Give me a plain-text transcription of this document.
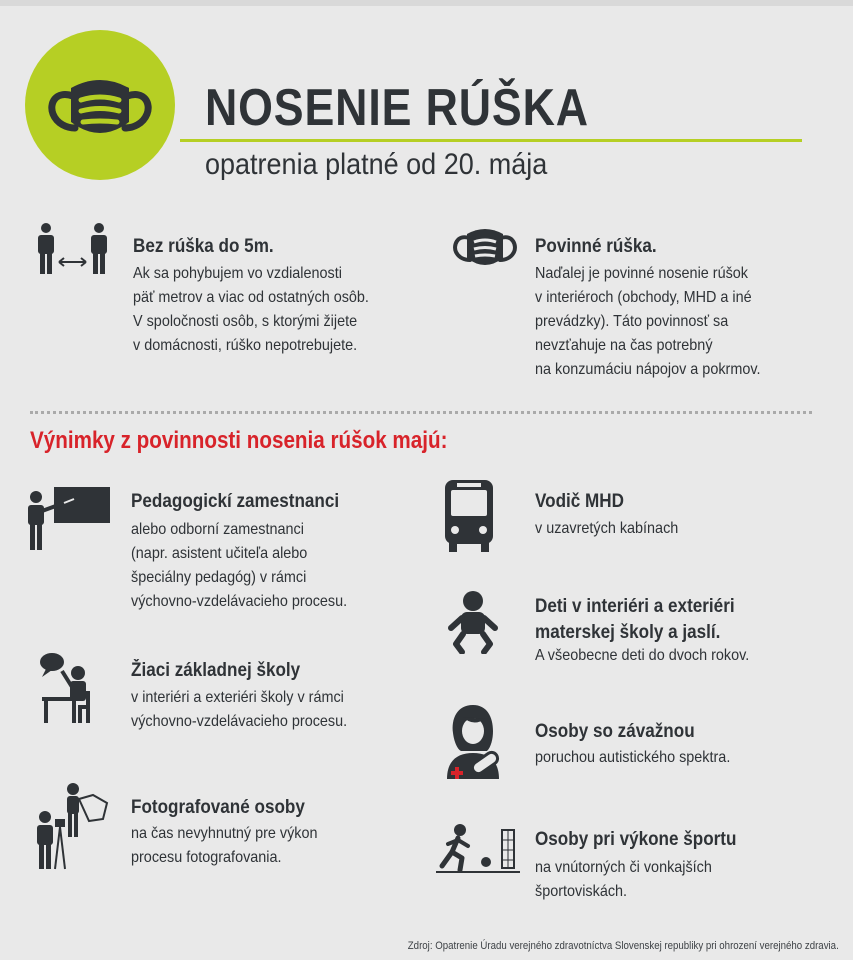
NOSENIE RÚŠKA
opatrenia platné od 20. mája
Bez rúška do 5m.
Ak sa pohybujem vo vzdialenosti
päť metrov a viac od ostatných osôb.
V spoločnosti osôb, s ktorými žijete
v domácnosti, rúško nepotrebujete.
Povinné rúška.
Naďalej je povinné nosenie rúšok
v interiéroch (obchody, MHD a iné
prevádzky). Táto povinnosť sa
nevzťahuje na čas potrebný
na konzumáciu nápojov a pokrmov.
Výnimky z povinnosti nosenia rúšok majú:
Pedagogickí zamestnanci
alebo odborní zamestnanci
(napr. asistent učiteľa alebo
špeciálny pedagóg) v rámci
výchovno-vzdelávacieho procesu.
Žiaci základnej školy
v interiéri a exteriéri školy v rámci
výchovno-vzdelávacieho procesu.
Fotografované osoby
na čas nevyhnutný pre výkon
procesu fotografovania.
Vodič MHD
v uzavretých kabínach
Deti v interiéri a exteriéri
materskej školy a jaslí.
A všeobecne deti do dvoch rokov.
Osoby so závažnou
poruchou autistického spektra.
Osoby pri výkone športu
na vnútorných či vonkajších
športoviskách.
Zdroj: Opatrenie Úradu verejného zdravotníctva Slovenskej republiky pri ohrození verejného zdravia.
